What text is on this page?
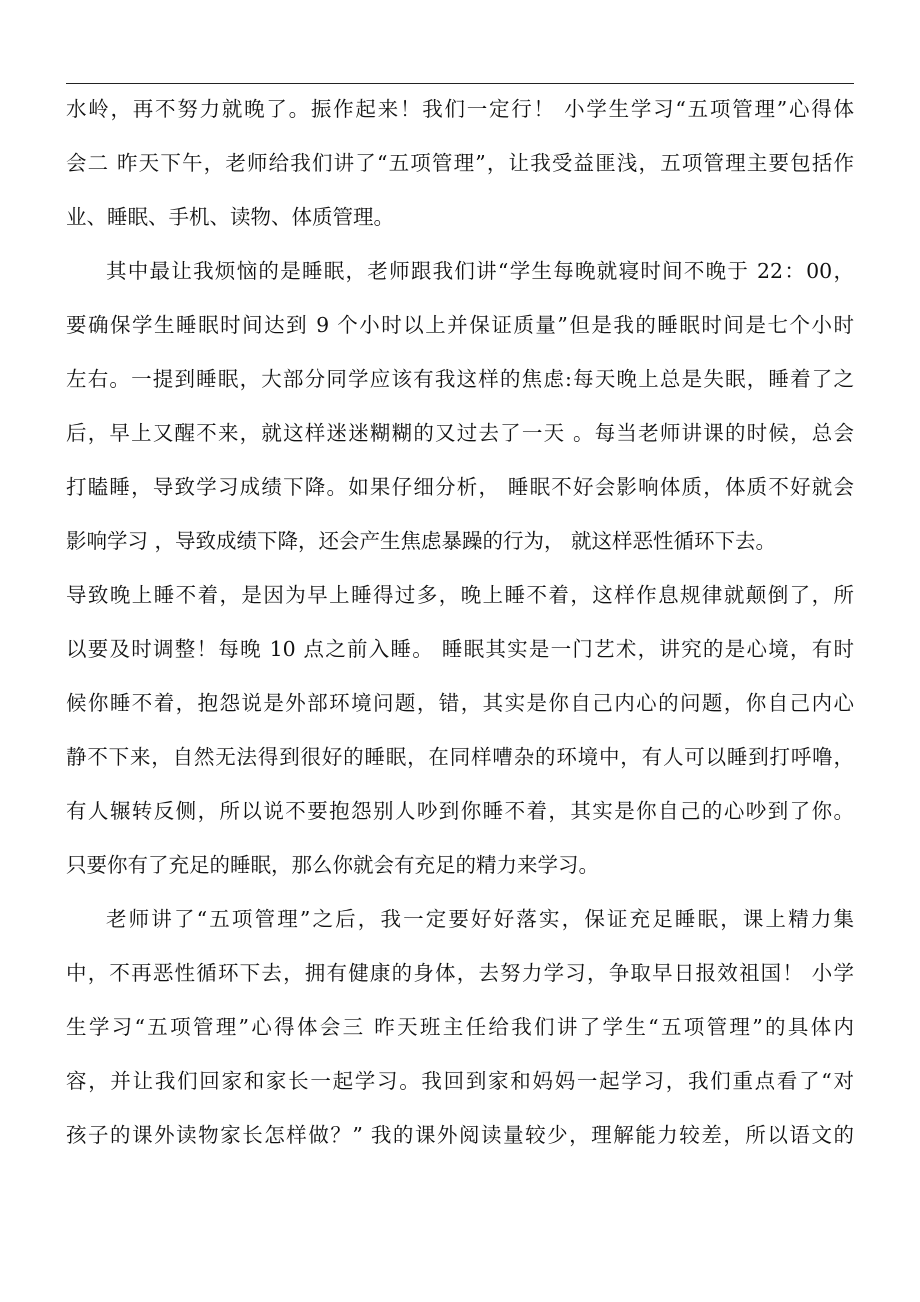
水岭，再不努力就晚了。振作起来！我们一定行！ 小学生学习“五项管理”心得体
会二 昨天下午，老师给我们讲了“五项管理”，让我受益匪浅，五项管理主要包括作
业、睡眠、手机、读物、体质管理。
其中最让我烦恼的是睡眠，老师跟我们讲“学生每晚就寝时间不晚于 22：00，
要确保学生睡眠时间达到 9 个小时以上并保证质量”但是我的睡眠时间是七个小时
左右。一提到睡眠，大部分同学应该有我这样的焦虑:每天晚上总是失眠，睡着了之
后，早上又醒不来，就这样迷迷糊糊的又过去了一天 。每当老师讲课的时候，总会
打瞌睡，导致学习成绩下降。如果仔细分析， 睡眠不好会影响体质，体质不好就会
影响学习 ，导致成绩下降，还会产生焦虑暴躁的行为， 就这样恶性循环下去。
导致晚上睡不着，是因为早上睡得过多，晚上睡不着，这样作息规律就颠倒了，所
以要及时调整！每晚 10 点之前入睡。 睡眠其实是一门艺术，讲究的是心境，有时
候你睡不着，抱怨说是外部环境问题，错，其实是你自己内心的问题，你自己内心
静不下来，自然无法得到很好的睡眠，在同样嘈杂的环境中，有人可以睡到打呼噜，
有人辗转反侧，所以说不要抱怨别人吵到你睡不着，其实是你自己的心吵到了你。
只要你有了充足的睡眠，那么你就会有充足的精力来学习。
老师讲了“五项管理”之后，我一定要好好落实，保证充足睡眠，课上精力集
中，不再恶性循环下去，拥有健康的身体，去努力学习，争取早日报效祖国！ 小学
生学习“五项管理”心得体会三 昨天班主任给我们讲了学生“五项管理”的具体内
容，并让我们回家和家长一起学习。我回到家和妈妈一起学习，我们重点看了“对
孩子的课外读物家长怎样做？” 我的课外阅读量较少，理解能力较差，所以语文的
